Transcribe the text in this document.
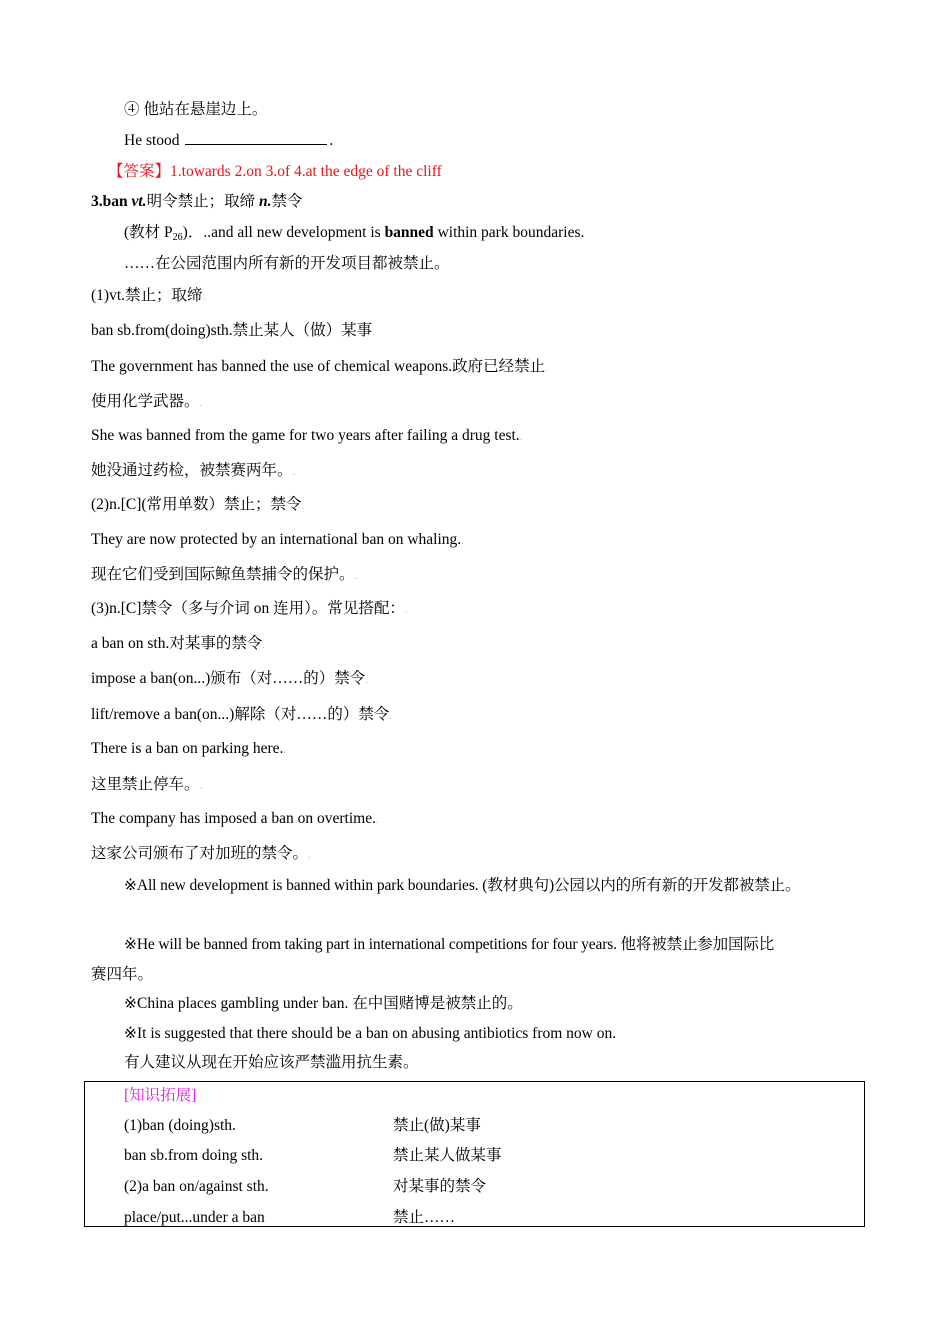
④ 他站在悬崖边上。
He stood	.
【答案】1.towards 2.on 3.of 4.at the edge of the cliff
3.ban vt.明令禁止；取缔 n.禁令
(教材 $P_{26}$)．..and all new development is banned within park boundaries.
……在公园范围内所有新的开发项目都被禁止。
(1)vt.禁止；取缔.
ban sb.from(doing)sth.禁止某人（做）某事.
The government has banned the use of chemical weapons.政府已经禁止.
使用化学武器。.
She was banned from the game for two years after failing a drug test..
她没通过药检，被禁赛两年。.
(2)n.[C](常用单数）禁止；禁令.
They are now protected by an international ban on whaling..
现在它们受到国际鲸鱼禁捕令的保护。.
(3)n.[C]禁令（多与介词 on 连用）。常见搭配：.
a ban on sth.对某事的禁令.
impose a ban(on...)颁布（对……的）禁令.
lift/remove a ban(on...)解除（对……的）禁令.
There is a ban on parking here..
这里禁止停车。.
The company has imposed a ban on overtime..
这家公司颁布了对加班的禁令。.
※All new development is banned within park boundaries. (教材典句)公园以内的所有新的开发都被禁止。
※He will be banned from taking part in international competitions for four years. 他将被禁止参加国际比
赛四年。
※China places gambling under ban. 在中国赌博是被禁止的。
※It is suggested that there should be a ban on abusing antibiotics from now on.
有人建议从现在开始应该严禁滥用抗生素。
[知识拓展]
(1)ban (doing)sth.	禁止(做)某事
ban sb.from doing sth.	禁止某人做某事
(2)a ban on/against sth.	对某事的禁令
place/put...under a ban	禁止……
